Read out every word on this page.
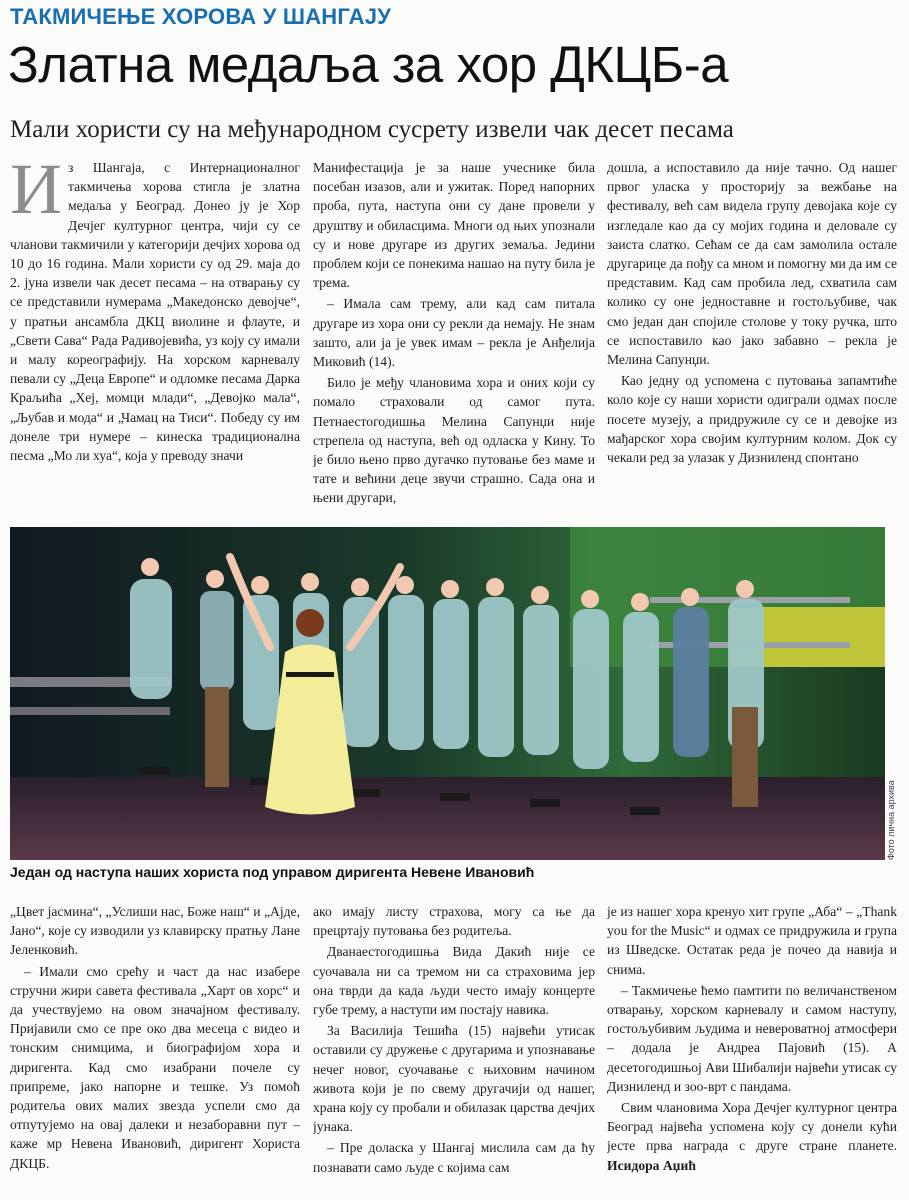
ТАКМИЧЕЊЕ ХОРОВА У ШАНГАЈУ
Златна медаља за хор ДКЦБ-а
Мали хористи су на међународном сусрету извели чак десет песама
И з Шангаја, с Интернационалног такмичења хорова стигла је златна медаља у Београд. Донео ју је Хор Дечјег културног центра, чији су се чланови такмичили у категорији дечјих хорова од 10 до 16 година. Мали хористи су од 29. маја до 2. јуна извели чак десет песама – на отварању су се представили нумерама „Македонско девојче“, у пратњи ансамбла ДКЦ виолине и флауте, и „Свети Сава“ Рада Радивојевића, уз коју су имали и малу кореографију. На хорском карневалу певали су „Деца Европе“ и одломке песама Дарка Краљића „Хеј, момци млади“, „Девојко мала“, „Љубав и мода“ и „Чамац на Тиси“. Победу су им донеле три нумере – кинеска традиционална песма „Мо ли хуа“, која у преводу значи

Манифестација је за наше учеснике била посебан изазов, али и ужитак. Поред напорних проба, пута, наступа они су дане провели у друштву и обиласцима. Многи од њих упознали су и нове другаре из других земаља. Једини проблем који се понекима нашао на путу била је трема.

– Имала сам трему, али кад сам питала другаре из хора они су рекли да немају. Не знам зашто, али ја је увек имам – рекла је Анђелија Миковић (14).

Било је међу члановима хора и оних који су помало страховали од самог пута. Петнаестогодишња Мелина Сапунџи није стрепела од наступа, већ од одласка у Кину. То је било њено прво дугачко путовање без маме и тате и већини деце звучи страшно. Сада она и њени другари,

дошла, а испоставило да није тачно. Од нашег првог уласка у просторију за вежбање на фестивалу, већ сам видела групу девојака које су изгледале као да су мојих година и деловале су заиста слатко. Сећам се да сам замолила остале другарице да пођу са мном и помогну ми да им се представим. Кад сам пробила лед, схватила сам колико су оне једноставне и гостољубиве, чак смо један дан спојиле столове у току ручка, што се испоставило као јако забавно – рекла је Мелина Сапунџи.

Као једну од успомена с путовања запамтиће коло које су наши хористи одиграли одмах после посете музеју, а придружиле су се и девојке из мађарског хора својим културним колом. Док су чекали ред за улазак у Дизниленд спонтано

Фото лична архива
Један од наступа наших хориста под управом диригента Невене Ивановић

„Цвет јасмина“, „Услиши нас, Боже наш“ и „Ајде, Јано“, које су изводили уз клавирску пратњу Лане Јеленковић.

– Имали смо срећу и част да нас изабере стручни жири савета фестивала „Харт ов хорс“ и да учествујемо на овом значајном фестивалу. Пријавили смо се пре око два месеца с видео и тонским снимцима, и биографијом хора и диригента. Кад смо изабрани почеле су припреме, јако напорне и тешке. Уз помоћ родитеља ових малих звезда успели смо да отпутујемо на овај далеки и незаборавни пут – каже мр Невена Ивановић, диригент Хориста ДКЦБ.

ако имају листу страхова, могу са ње да прецртају путовања без родитеља.

Дванаестогодишња Вида Дакић није се суочавала ни са тремом ни са страховима јер она тврди да када људи често имају концерте губе трему, а наступи им постају навика.

За Василија Тешића (15) највећи утисак оставили су дружење с другарима и упознавање нечег новог, суочавање с њиховим начином живота који је по свему другачији од нашег, храна коју су пробали и обилазак царства дечјих јунака.

– Пре доласка у Шангај мислила сам да ћу познавати само људе с којима сам

је из нашег хора кренуо хит групе „Аба“ – „Thank you for the Music“ и одмах се придружила и група из Шведске. Остатак реда је почео да навија и снима.

– Такмичење ћемо памтити по величанственом отварању, хорском карневалу и самом наступу, гостољубивим људима и невероватној атмосфери – додала је Андреа Пајовић (15). А десетогодишњој Ави Шибалији највећи утисак су Дизниленд и зоо-врт с пандама.

Свим члановима Хора Дечјег културног центра Београд највећа успомена коју су донели кући јесте прва награда с друге стране планете. Исидора Аџић
